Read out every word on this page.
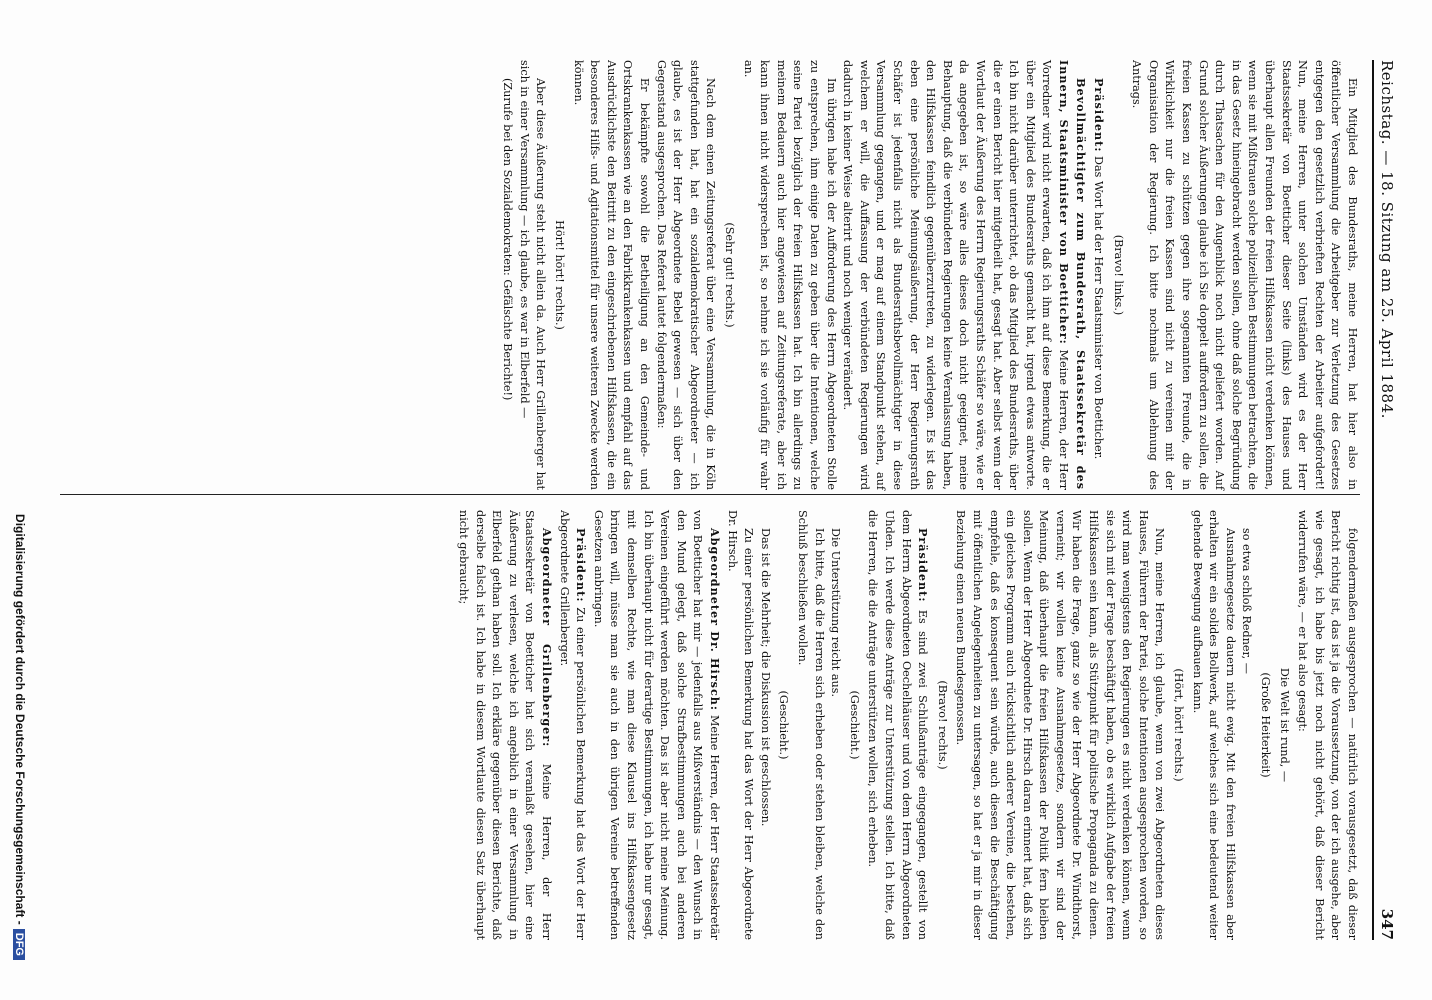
Reichstag. — 18. Sitzung am 25. April 1884.
347

Ein Mitglied des Bundesraths, meine Herren, hat hier also in öffentlicher Versammlung die Arbeitgeber zur Verletzung des Gesetzes entgegen den gesetzlich verbrieften Rechten der Arbeiter aufgefordert! Nun, meine Herren, unter solchen Umständen wird es der Herr Staatssekretär von Boetticher dieser Seite (links) des Hauses und überhaupt allen Freunden der freien Hilfskassen nicht verdenken können, wenn sie mit Mißtrauen solche polizeilichen Bestimmungen betrachten, die in das Gesetz hineingebracht werden sollen, ohne daß solche Begründung durch Thatsachen für den Augenblick noch nicht geliefert worden. Auf Grund solcher Äußerungen glaube ich Sie doppelt auffordern zu sollen, die freien Kassen zu schützen gegen ihre sogenannten Freunde, die in Wirklichkeit nur die freien Kassen sind nicht zu vereinen mit der Organisation der Regierung. Ich bitte nochmals um Ablehnung des Antrags.

(Bravo! links.)

Präsident: Das Wort hat der Herr Staatsminister von Boetticher.

Bevollmächtigter zum Bundesrath, Staatssekretär des Innern, Staatsminister von Boetticher: Meine Herren, der Herr Vorredner wird nicht erwarten, daß ich ihm auf diese Bemerkung, die er über ein Mitglied des Bundesraths gemacht hat, irgend etwas antworte. Ich bin nicht darüber unterrichtet, ob das Mitglied des Bundesraths, über die er einen Bericht hier mitgetheilt hat, gesagt hat. Aber selbst wenn der Wortlaut der Äußerung des Herrn Regierungsraths Schäfer so wäre, wie er da angegeben ist, so wäre alles dieses doch nicht geeignet, meine Behauptung, daß die verbündeten Regierungen keine Veranlassung haben, den Hilfskassen feindlich gegenüberzutreten, zu widerlegen. Es ist das eben eine persönliche Meinungsäußerung, der Herr Regierungsrath Schäfer ist jedenfalls nicht als Bundesrathsbevollmächtigter in diese Versammlung gegangen, und er mag auf einem Standpunkt stehen, auf welchem er will, die Auffassung der verbündeten Regierungen wird dadurch in keiner Weise alterirt und noch weniger verändert.

Im übrigen habe ich der Aufforderung des Herrn Abgeordneten Stolle zu entsprechen, ihm einige Daten zu geben über die Intentionen, welche seine Partei bezüglich der freien Hilfskassen hat. Ich bin allerdings zu meinem Bedauern auch hier angewiesen auf Zeitungsreferate, aber ich kann ihnen nicht widersprechen ist, so nehme ich sie vorläufig für wahr an.

(Sehr gut! rechts.)

Nach dem einen Zeitungsreferat über eine Versammlung, die in Köln stattgefunden hat, hat ein sozialdemokratischer Abgeordneter — ich glaube, es ist der Herr Abgeordnete Bebel gewesen — sich über den Gegenstand ausgesprochen. Das Referat lautet folgendermaßen:

Er bekämpfte sowohl die Betheiligung an den Gemeinde- und Ortskrankenkassen wie an den Fabrikkrankenkassen und empfahl auf das Ausdrücklichste den Beitritt zu den eingeschriebenen Hilfskassen, die ein besonderes Hilfs- und Agitationsmittel für unsere weiteren Zwecke werden können.

Hört! hört! rechts.)

Aber diese Äußerung steht nicht allein da. Auch Herr Grillenberger hat sich in einer Versammlung — ich glaube, es war in Elberfeld —

(Zurufe bei den Sozialdemokraten: Gefälschte Berichte!)

folgendermaßen ausgesprochen — natürlich vorausgesetzt, daß dieser Bericht richtig ist, das ist ja die Voraussetzung, von der ich ausgehe, aber wie gesagt, ich habe bis jetzt noch nicht gehört, daß dieser Bericht widerrufen wäre, — er hat also gesagt:

Die Welt ist rund, —

(Große Heiterkeit)

so etwa schloß Redner, —

Ausnahmegesetze dauern nicht ewig. Mit den freien Hilfskassen aber erhalten wir ein solides Bollwerk, auf welches sich eine bedeutend weiter gehende Bewegung aufbauen kann.

(Hört, hört! rechts.)

Nun, meine Herren, ich glaube, wenn von zwei Abgeordneten dieses Hauses, Führern der Partei, solche Intentionen ausgesprochen worden, so wird man wenigstens den Regierungen es nicht verdenken können, wenn sie sich mit der Frage beschäftigt haben, ob es wirklich Aufgabe der freien Hilfskassen sein kann, als Stützpunkt für politische Propaganda zu dienen. Wir haben die Frage, ganz so wie der Herr Abgeordnete Dr. Windthorst, verneint; wir wollen keine Ausnahmegesetze, sondern wir sind der Meinung, daß überhaupt die freien Hilfskassen der Politik fern bleiben sollen. Wenn der Herr Abgeordnete Dr. Hirsch daran erinnert hat, daß sich ein gleiches Programm auch rücksichtlich anderer Vereine, die bestehen, empfehle, daß es konsequent sein würde, auch diesen die Beschäftigung mit öffentlichen Angelegenheiten zu untersagen, so hat er ja mir in dieser Beziehung einen neuen Bundesgenossen.

(Bravo! rechts.)

Präsident: Es sind zwei Schlußanträge eingegangen, gestellt von dem Herrn Abgeordneten Oechelhäuser und von dem Herrn Abgeordneten Uhden. Ich werde diese Anträge zur Unterstützung stellen. Ich bitte, daß die Herren, die die Anträge unterstützen wollen, sich erheben.

(Geschieht.)

Die Unterstützung reicht aus.

Ich bitte, daß die Herren sich erheben oder stehen bleiben, welche den Schluß beschließen wollen.

(Geschieht.)

Das ist die Mehrheit; die Diskussion ist geschlossen.

Zu einer persönlichen Bemerkung hat das Wort der Herr Abgeordnete Dr. Hirsch.

Abgeordneter Dr. Hirsch: Meine Herren, der Herr Staatssekretär von Boetticher hat mir — jedenfalls aus Mißverständnis — den Wunsch in den Mund gelegt, daß solche Strafbestimmungen auch bei anderen Vereinen eingeführt werden möchten. Das ist aber nicht meine Meinung. Ich bin überhaupt nicht für derartige Bestimmungen, ich habe nur gesagt, mit demselben Rechte, wie man diese Klausel ins Hilfskassengesetz bringen will, müsse man sie auch in den übrigen Vereine betreffenden Gesetzen anbringen.

Präsident: Zu einer persönlichen Bemerkung hat das Wort der Herr Abgeordnete Grillenberger.

Abgeordneter Grillenberger: Meine Herren, der Herr Staatssekretär von Boetticher hat sich veranlaßt gesehen, hier eine Äußerung zu verlesen, welche ich angeblich in einer Versammlung in Elberfeld gethan haben soll. Ich erkläre gegenüber diesen Berichte, daß derselbe falsch ist. Ich habe in diesem Wortlaute diesen Satz überhaupt nicht gebraucht;

Digitalisierung gefördert durch die Deutsche Forschungsgemeinschaft -DFG
